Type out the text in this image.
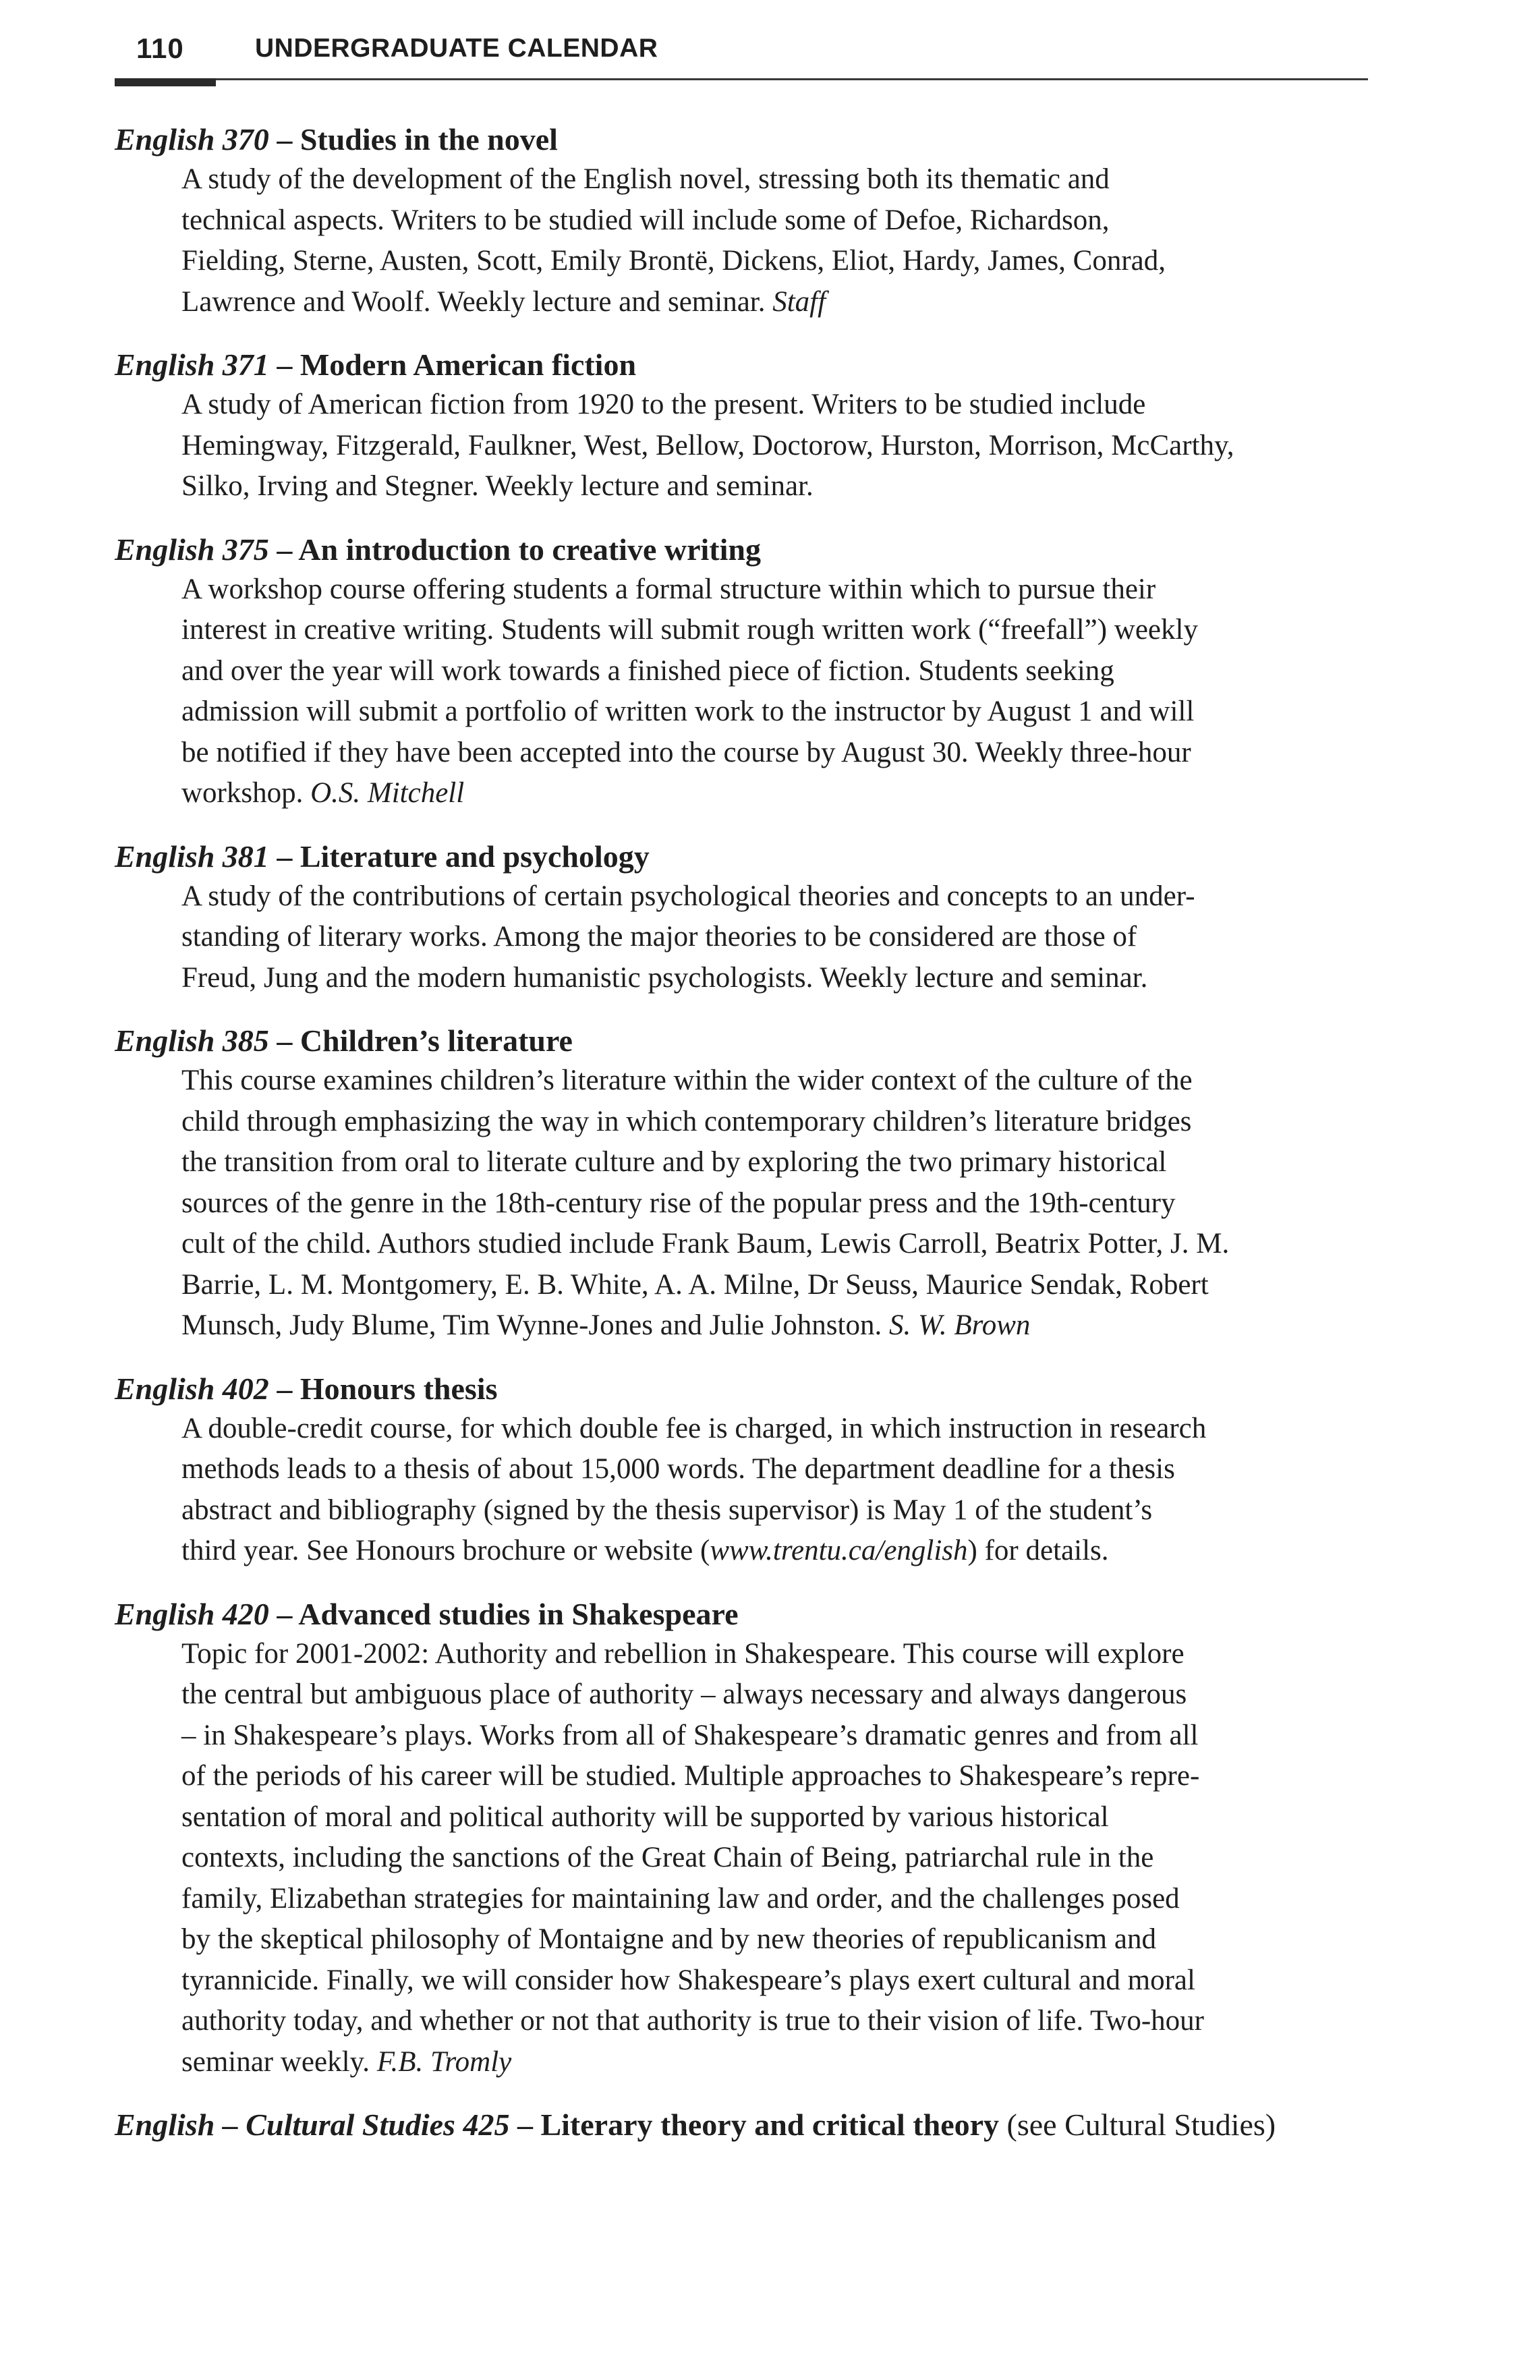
110	UNDERGRADUATE CALENDAR

English 370 – Studies in the novel

A study of the development of the English novel, stressing both its thematic and
technical aspects. Writers to be studied will include some of Defoe, Richardson,
Fielding, Sterne, Austen, Scott, Emily Brontë, Dickens, Eliot, Hardy, James, Conrad,
Lawrence and Woolf. Weekly lecture and seminar. Staff

English 371 – Modern American fiction

A study of American fiction from 1920 to the present. Writers to be studied include
Hemingway, Fitzgerald, Faulkner, West, Bellow, Doctorow, Hurston, Morrison, McCarthy,
Silko, Irving and Stegner. Weekly lecture and seminar.

English 375 – An introduction to creative writing

A workshop course offering students a formal structure within which to pursue their
interest in creative writing. Students will submit rough written work (“freefall”) weekly
and over the year will work towards a finished piece of fiction. Students seeking
admission will submit a portfolio of written work to the instructor by August 1 and will
be notified if they have been accepted into the course by August 30. Weekly three-hour
workshop. O.S. Mitchell

English 381 – Literature and psychology

A study of the contributions of certain psychological theories and concepts to an under-
standing of literary works. Among the major theories to be considered are those of
Freud, Jung and the modern humanistic psychologists. Weekly lecture and seminar.

English 385 – Children’s literature

This course examines children’s literature within the wider context of the culture of the
child through emphasizing the way in which contemporary children’s literature bridges
the transition from oral to literate culture and by exploring the two primary historical
sources of the genre in the 18th-century rise of the popular press and the 19th-century
cult of the child. Authors studied include Frank Baum, Lewis Carroll, Beatrix Potter, J. M.
Barrie, L. M. Montgomery, E. B. White, A. A. Milne, Dr Seuss, Maurice Sendak, Robert
Munsch, Judy Blume, Tim Wynne-Jones and Julie Johnston. S. W. Brown

English 402 – Honours thesis

A double-credit course, for which double fee is charged, in which instruction in research
methods leads to a thesis of about 15,000 words. The department deadline for a thesis
abstract and bibliography (signed by the thesis supervisor) is May 1 of the student’s
third year. See Honours brochure or website (www.trentu.ca/english) for details.

English 420 – Advanced studies in Shakespeare

Topic for 2001-2002: Authority and rebellion in Shakespeare. This course will explore
the central but ambiguous place of authority – always necessary and always dangerous
– in Shakespeare’s plays. Works from all of Shakespeare’s dramatic genres and from all
of the periods of his career will be studied. Multiple approaches to Shakespeare’s repre-
sentation of moral and political authority will be supported by various historical
contexts, including the sanctions of the Great Chain of Being, patriarchal rule in the
family, Elizabethan strategies for maintaining law and order, and the challenges posed
by the skeptical philosophy of Montaigne and by new theories of republicanism and
tyrannicide. Finally, we will consider how Shakespeare’s plays exert cultural and moral
authority today, and whether or not that authority is true to their vision of life. Two-hour
seminar weekly. F.B. Tromly

English – Cultural Studies 425 – Literary theory and critical theory (see Cultural Studies)
